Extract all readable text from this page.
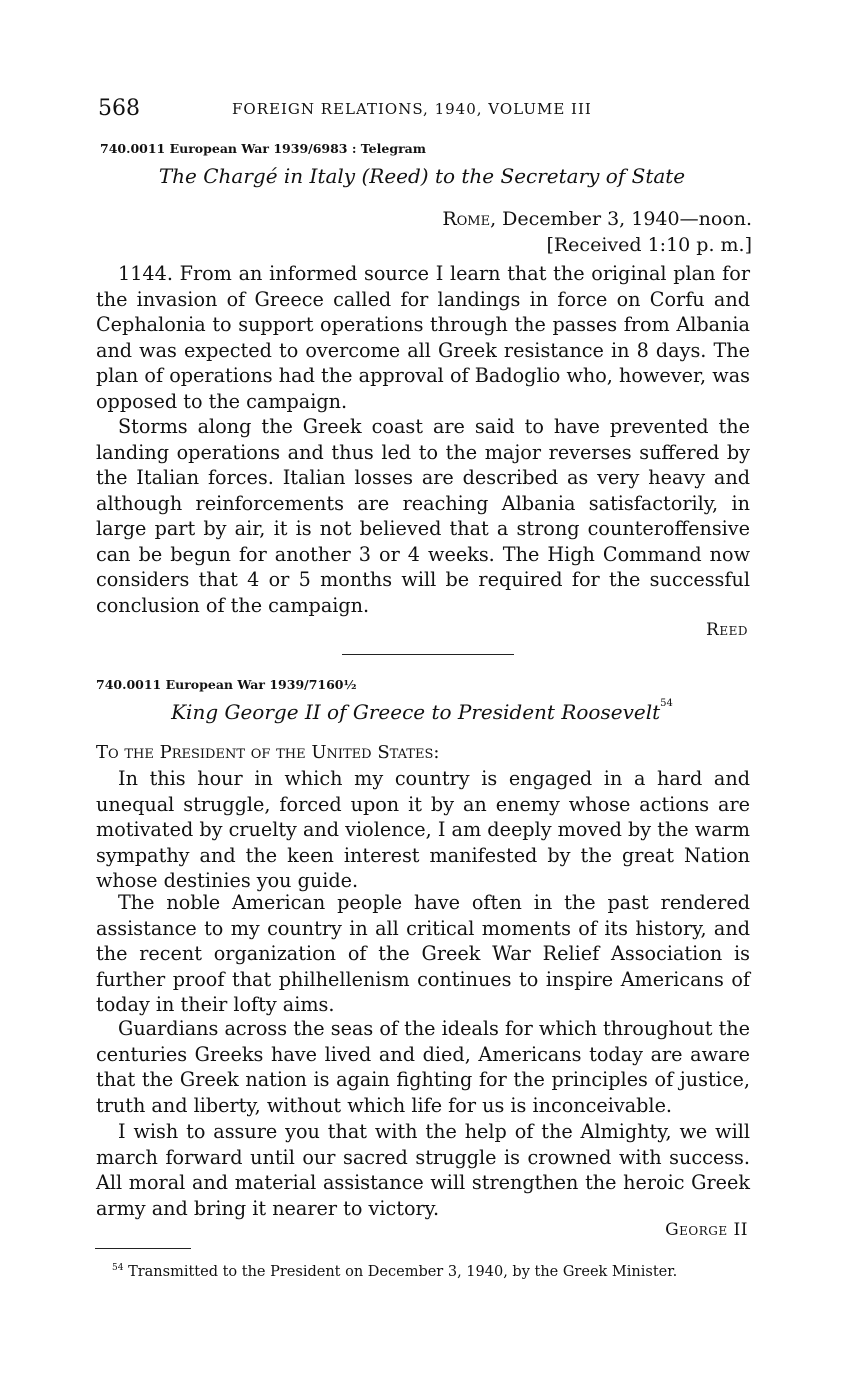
568	FOREIGN RELATIONS, 1940, VOLUME III
740.0011 European War 1939/6983 : Telegram
The Chargé in Italy (Reed) to the Secretary of State
Rome, December 3, 1940—noon.
[Received 1:10 p. m.]

1144. From an informed source I learn that the original plan for the invasion of Greece called for landings in force on Corfu and Cephalonia to support operations through the passes from Albania and was expected to overcome all Greek resistance in 8 days. The plan of operations had the approval of Badoglio who, however, was opposed to the campaign.

Storms along the Greek coast are said to have prevented the landing operations and thus led to the major reverses suffered by the Italian forces. Italian losses are described as very heavy and although reinforcements are reaching Albania satisfactorily, in large part by air, it is not believed that a strong counteroffensive can be begun for another 3 or 4 weeks. The High Command now considers that 4 or 5 months will be required for the successful conclusion of the campaign.

Reed
740.0011 European War 1939/7160½
King George II of Greece to President Roosevelt$^{54}$
To the President of the United States:

In this hour in which my country is engaged in a hard and unequal struggle, forced upon it by an enemy whose actions are motivated by cruelty and violence, I am deeply moved by the warm sympathy and the keen interest manifested by the great Nation whose destinies you guide.

The noble American people have often in the past rendered assistance to my country in all critical moments of its history, and the recent organization of the Greek War Relief Association is further proof that philhellenism continues to inspire Americans of today in their lofty aims.

Guardians across the seas of the ideals for which throughout the centuries Greeks have lived and died, Americans today are aware that the Greek nation is again fighting for the principles of justice, truth and liberty, without which life for us is inconceivable.

I wish to assure you that with the help of the Almighty, we will march forward until our sacred struggle is crowned with success. All moral and material assistance will strengthen the heroic Greek army and bring it nearer to victory.

George II
$^{54}$ Transmitted to the President on December 3, 1940, by the Greek Minister.
